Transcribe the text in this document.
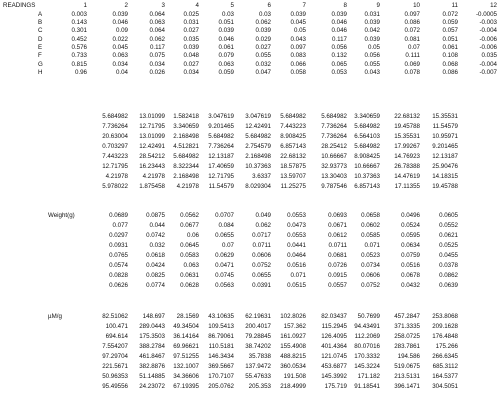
READINGS	1	2	3	4	5	6	7	8	9	10	11	12
A	0.003	0.039	0.064	0.025	0.03	0.03	0.039	0.039	0.031	0.097	0.072	-0.0005
B	0.143	0.046	0.063	0.031	0.051	0.062	0.045	0.046	0.039	0.086	0.059	-0.003
C	0.301	0.09	0.064	0.027	0.039	0.039	0.05	0.046	0.042	0.072	0.057	-0.004
D	0.452	0.022	0.062	0.035	0.046	0.029	0.043	0.117	0.039	0.081	0.051	-0.006
E	0.576	0.045	0.117	0.039	0.061	0.027	0.097	0.056	0.05	0.07	0.061	-0.006
F	0.733	0.063	0.075	0.048	0.079	0.055	0.083	0.132	0.056	0.111	0.108	0.035
G	0.815	0.034	0.034	0.027	0.063	0.032	0.066	0.065	0.055	0.069	0.068	-0.004
H	0.96	0.04	0.026	0.034	0.059	0.047	0.058	0.053	0.043	0.078	0.086	-0.007
5.684982	13.01099	1.582418	3.047619	3.047619	5.684982	5.684982	3.340659	22.68132	15.35531
7.736264	12.71795	3.340659	9.201465	12.42491	7.443223	7.736264	5.684982	19.45788	11.54579
20.63004	13.01099	2.168498	5.684982	5.684982	8.908425	7.736264	6.564103	15.35531	10.95971
0.703297	12.42491	4.512821	7.736264	2.754579	6.857143	28.25412	5.684982	17.99267	9.201465
7.443223	28.54212	5.684982	12.13187	2.168498	22.68132	10.66667	8.908425	14.76923	12.13187
12.71795	16.23443	8.322344	17.40659	10.37363	18.57875	32.93773	10.66667	26.78388	25.90476
4.21978	4.21978	2.168498	12.71795	3.6337	13.59707	13.30403	10.37363	14.47619	14.18315
5.978022	1.875458	4.21978	11.54579	8.029304	11.25275	9.787546	6.857143	17.11355	19.45788
Weight(g)	0.0689	0.0875	0.0562	0.0707	0.049	0.0553	0.0693	0.0658	0.0496	0.0605
0.077	0.044	0.0677	0.084	0.062	0.0473	0.0671	0.0602	0.0524	0.0552
0.0297	0.0742	0.06	0.0655	0.0717	0.0553	0.0612	0.0585	0.0595	0.0621
0.0931	0.032	0.0645	0.07	0.0711	0.0441	0.0711	0.071	0.0634	0.0525
0.0765	0.0618	0.0583	0.0629	0.0606	0.0464	0.0681	0.0523	0.0759	0.0455
0.0574	0.0424	0.063	0.0471	0.0752	0.0516	0.0726	0.0734	0.0516	0.0378
0.0828	0.0825	0.0631	0.0745	0.0655	0.071	0.0915	0.0606	0.0678	0.0862
0.0626	0.0774	0.0628	0.0563	0.0391	0.0515	0.0557	0.0752	0.0432	0.0639
µM/g	82.51062	148.697	28.1569	43.10635	62.19631	102.8026	82.03437	50.7699	457.2847	253.8068
100.471	289.0443	49.34504	109.5413	200.4017	157.362	115.2945	94.43491	371.3335	209.1628
694.614	175.3503	36.14164	86.79061	79.28845	161.0927	126.4095	112.2069	258.0725	176.4848
7.554207	388.2784	69.96621	110.5181	38.74202	155.4908	401.4364	80.07016	283.7861	175.266
97.29704	461.8467	97.51255	146.3434	35.7838	488.8215	121.0745	170.3332	194.586	266.6345
221.5671	382.8876	132.1007	369.5667	137.9472	360.0534	453.6877	145.3224	519.0675	685.3112
50.96353	51.14885	34.36606	170.7107	55.47633	191.508	145.3992	171.182	213.5131	164.5377
95.49556	24.23072	67.19395	205.0762	205.353	218.4999	175.719	91.18541	396.1471	304.5051
